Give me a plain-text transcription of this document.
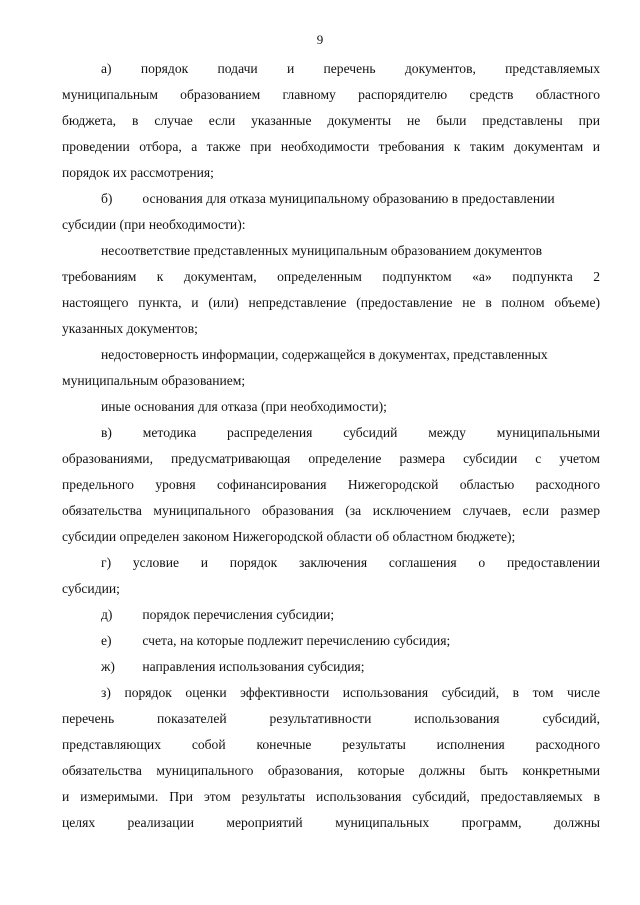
9
а) порядок подачи и перечень документов, представляемых
муниципальным образованием главному распорядителю средств областного
бюджета, в случае если указанные документы не были представлены при
проведении отбора, а также при необходимости требования к таким документам и
порядок их рассмотрения;
б) основания для отказа муниципальному образованию в предоставлении
субсидии (при необходимости):
несоответствие представленных муниципальным образованием документов
требованиям к документам, определенным подпунктом «а» подпункта 2
настоящего пункта, и (или) непредставление (предоставление не в полном объеме)
указанных документов;
недостоверность информации, содержащейся в документах, представленных
муниципальным образованием;
иные основания для отказа (при необходимости);
в) методика распределения субсидий между муниципальными
образованиями, предусматривающая определение размера субсидии с учетом
предельного уровня софинансирования Нижегородской областью расходного
обязательства муниципального образования (за исключением случаев, если размер
субсидии определен законом Нижегородской области об областном бюджете);
г) условие и порядок заключения соглашения о предоставлении
субсидии;
д) порядок перечисления субсидии;
е) счета, на которые подлежит перечислению субсидия;
ж) направления использования субсидия;
з) порядок оценки эффективности использования субсидий, в том числе
перечень показателей результативности использования субсидий,
представляющих собой конечные результаты исполнения расходного
обязательства муниципального образования, которые должны быть конкретными
и измеримыми. При этом результаты использования субсидий, предоставляемых в
целях реализации мероприятий муниципальных программ, должны
